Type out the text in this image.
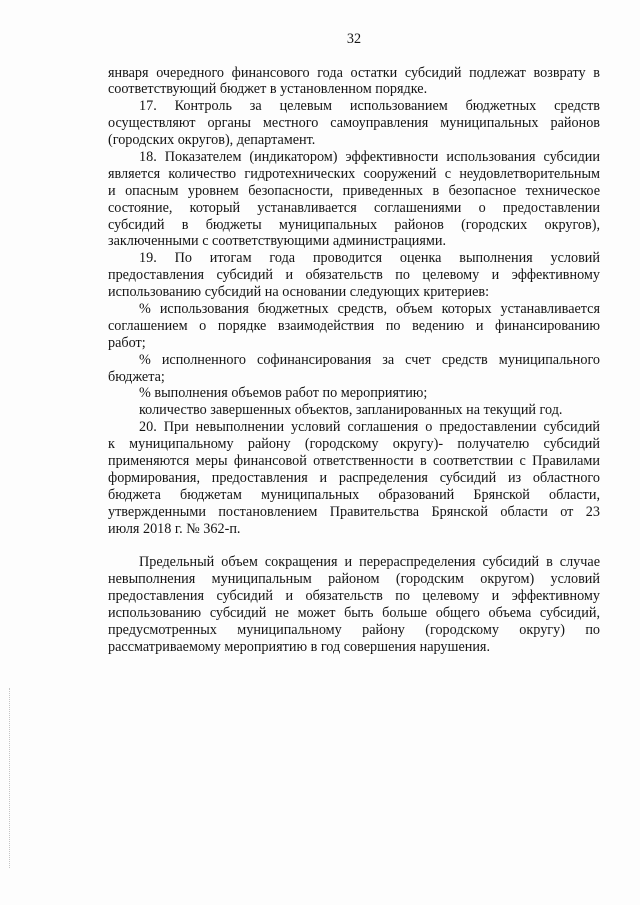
32
января очередного финансового года остатки субсидий подлежат возврату в
соответствующий бюджет в установленном порядке.
17. Контроль за целевым использованием бюджетных средств
осуществляют органы местного самоуправления муниципальных районов
(городских округов), департамент.
18. Показателем (индикатором) эффективности использования субсидии
является количество гидротехнических сооружений с неудовлетворительным
и опасным уровнем безопасности, приведенных в безопасное техническое
состояние, который устанавливается соглашениями о предоставлении
субсидий в бюджеты муниципальных районов (городских округов),
заключенными с соответствующими администрациями.
19. По итогам года проводится оценка выполнения условий
предоставления субсидий и обязательств по целевому и эффективному
использованию субсидий на основании следующих критериев:
% использования бюджетных средств, объем которых устанавливается
соглашением о порядке взаимодействия по ведению и финансированию
работ;
% исполненного софинансирования за счет средств муниципального
бюджета;
% выполнения объемов работ по мероприятию;
количество завершенных объектов, запланированных на текущий год.
20. При невыполнении условий соглашения о предоставлении субсидий
к муниципальному району (городскому округу)- получателю субсидий
применяются меры финансовой ответственности в соответствии с Правилами
формирования, предоставления и распределения субсидий из областного
бюджета бюджетам муниципальных образований Брянской области,
утвержденными постановлением Правительства Брянской области от 23
июля 2018 г. № 362-п.
Предельный объем сокращения и перераспределения субсидий в случае
невыполнения муниципальным районом (городским округом) условий
предоставления субсидий и обязательств по целевому и эффективному
использованию субсидий не может быть больше общего объема субсидий,
предусмотренных муниципальному району (городскому округу) по
рассматриваемому мероприятию в год совершения нарушения.
